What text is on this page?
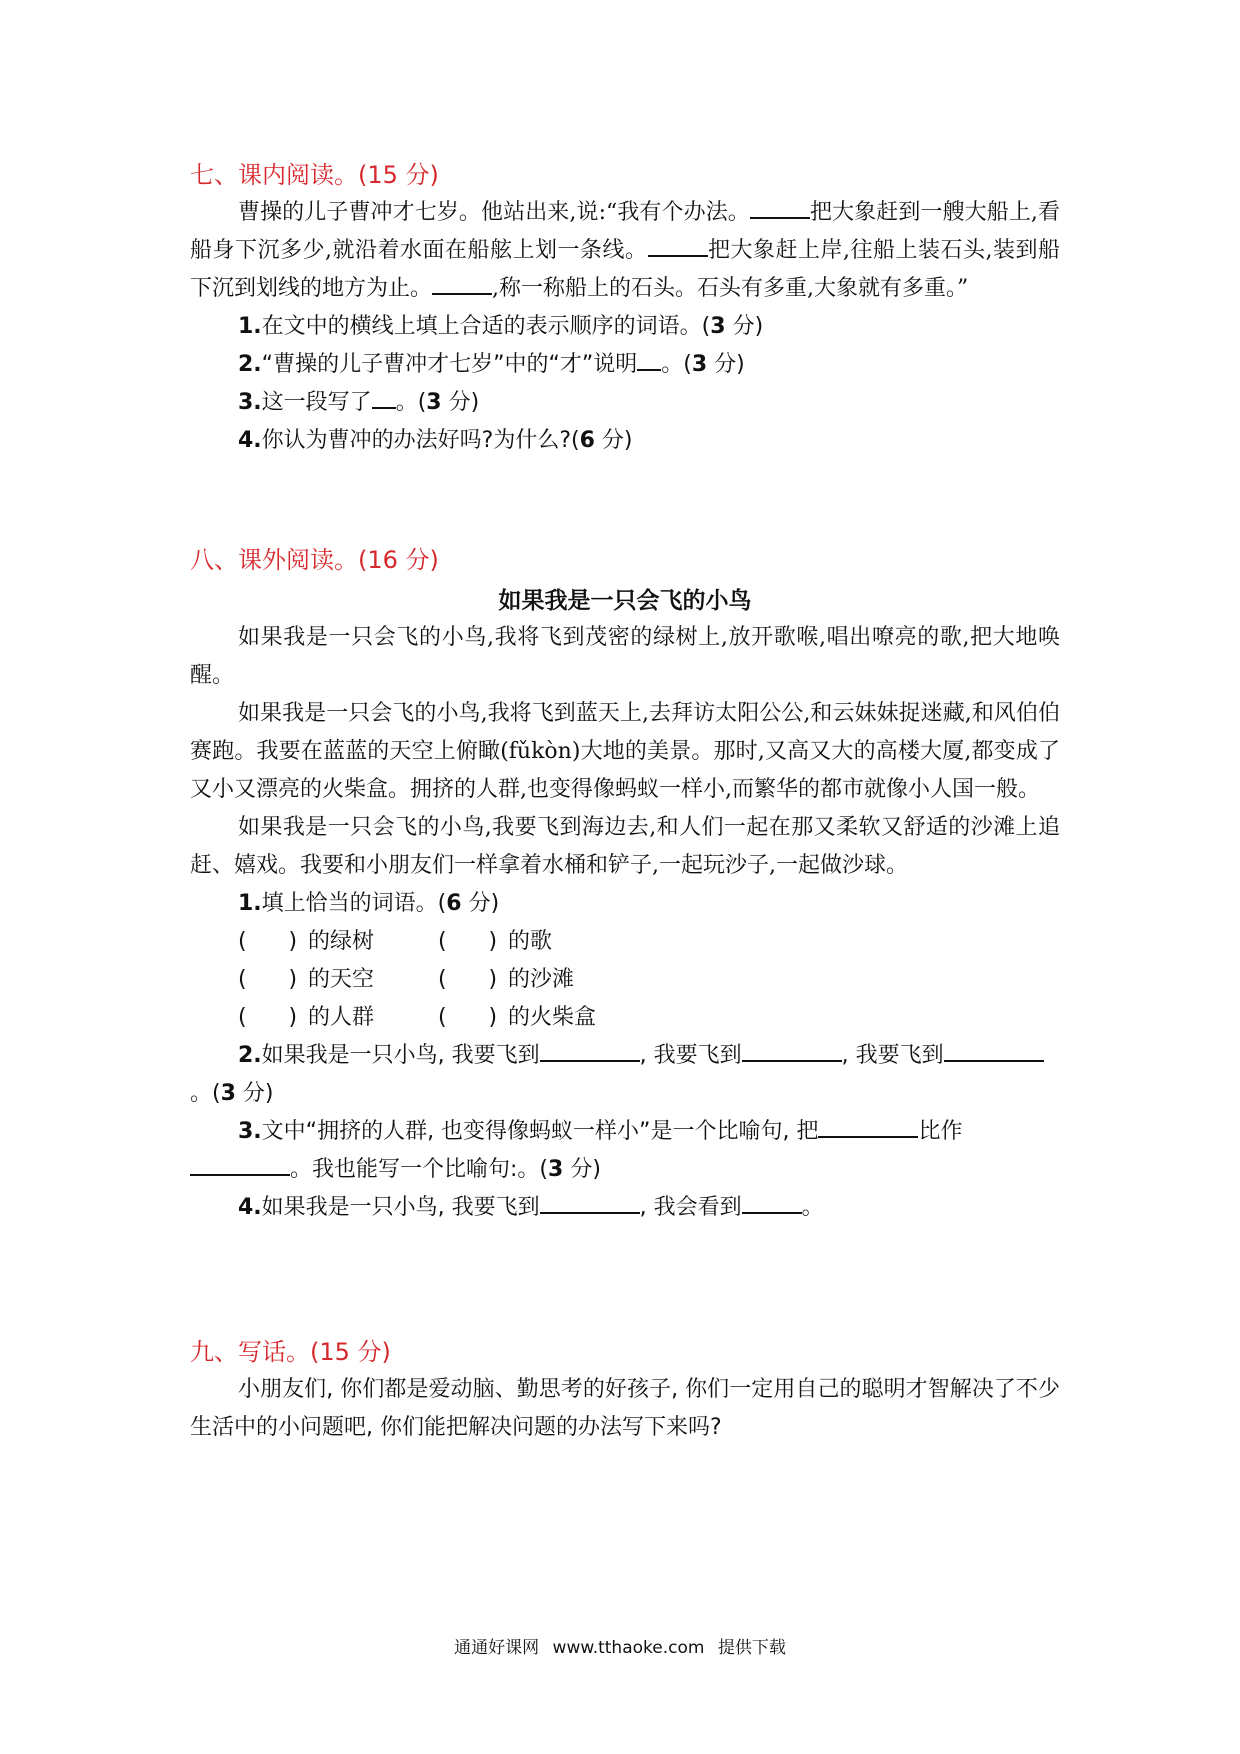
七、课内阅读。(15 分)

曹操的儿子曹冲才七岁。他站出来,说:“我有个办法。	把大象赶到一艘大船上,看船身下沉多少,就沿着水面在船舷上划一条线。	把大象赶上岸,往船上装石头,装到船下沉到划线的地方为止。	,称一称船上的石头。石头有多重,大象就有多重。”

1.在文中的横线上填上合适的表示顺序的词语。(3 分)

2.“曹操的儿子曹冲才七岁”中的“才”说明 。(3 分)

3.这一段写了 。(3 分)

4.你认为曹冲的办法好吗?为什么?(6 分)

八、课外阅读。(16 分)
如果我是一只会飞的小鸟

如果我是一只会飞的小鸟,我将飞到茂密的绿树上,放开歌喉,唱出嘹亮的歌,把大地唤醒。

如果我是一只会飞的小鸟,我将飞到蓝天上,去拜访太阳公公,和云妹妹捉迷藏,和风伯伯赛跑。我要在蓝蓝的天空上俯瞰(fǔkòn)大地的美景。那时,又高又大的高楼大厦,都变成了又小又漂亮的火柴盒。拥挤的人群,也变得像蚂蚁一样小,而繁华的都市就像小人国一般。

如果我是一只会飞的小鸟,我要飞到海边去,和人们一起在那又柔软又舒适的沙滩上追赶、嬉戏。我要和小朋友们一样拿着水桶和铲子,一起玩沙子,一起做沙球。

1.填上恰当的词语。(6 分)

(      ) 的绿树	(      ) 的歌
(      ) 的天空	(      ) 的沙滩
(      ) 的人群	(      ) 的火柴盒

2.如果我是一只小鸟, 我要飞到	, 我要飞到	, 我要飞到。(3 分)

3.文中“拥挤的人群, 也变得像蚂蚁一样小”是一个比喻句, 把	比作。我也能写一个比喻句:。(3 分)

4.如果我是一只小鸟, 我要飞到	, 我会看到	。

九、写话。(15 分)

小朋友们, 你们都是爱动脑、勤思考的好孩子, 你们一定用自己的聪明才智解决了不少生活中的小问题吧, 你们能把解决问题的办法写下来吗?

通通好课网 www.tthaoke.com 提供下载
